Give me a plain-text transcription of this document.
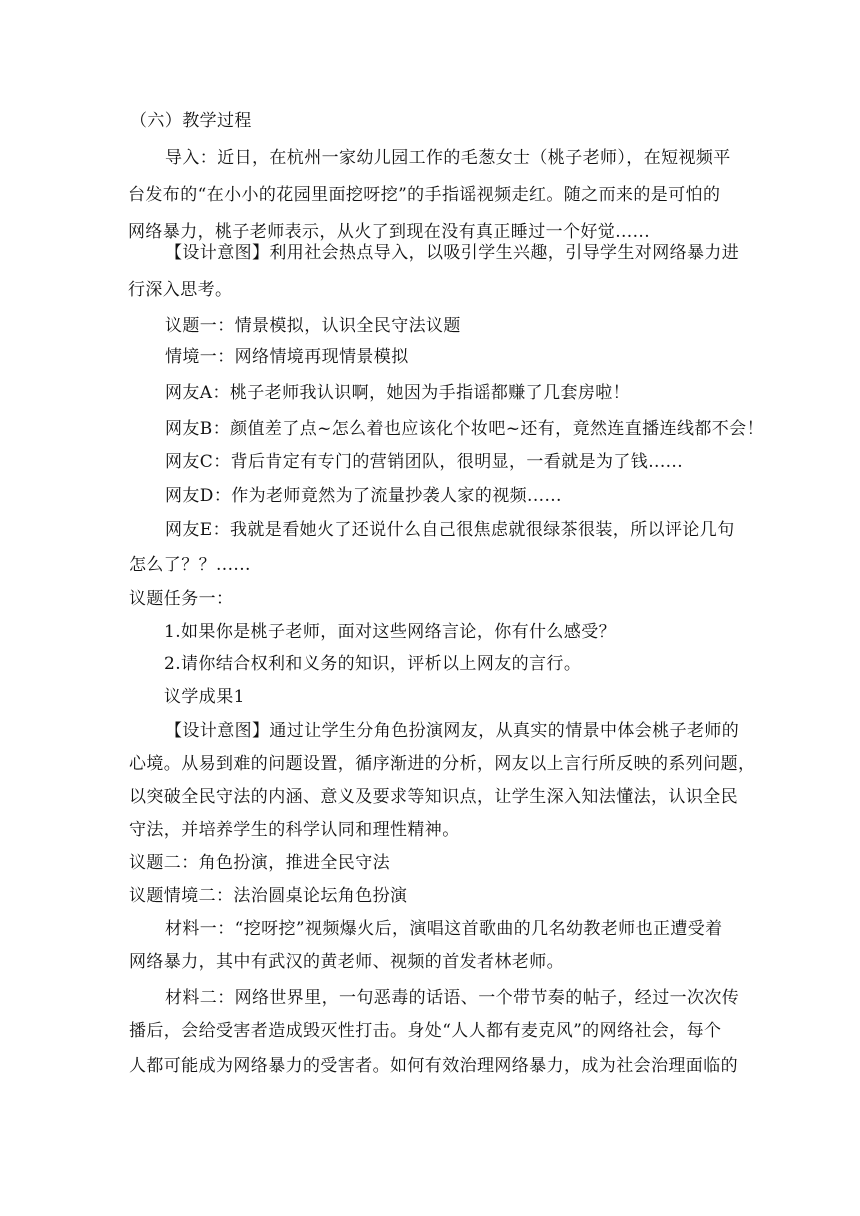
（六）教学过程
导入：近日，在杭州一家幼儿园工作的毛葱女士（桃子老师），在短视频平
台发布的“在小小的花园里面挖呀挖”的手指谣视频走红。随之而来的是可怕的
网络暴力，桃子老师表示，从火了到现在没有真正睡过一个好觉......
【设计意图】利用社会热点导入，以吸引学生兴趣，引导学生对网络暴力进
行深入思考。
议题一：情景模拟，认识全民守法议题
情境一：网络情境再现情景模拟
网友A：桃子老师我认识啊，她因为手指谣都赚了几套房啦！
网友B：颜值差了点~怎么着也应该化个妆吧~还有，竟然连直播连线都不会！
网友C：背后肯定有专门的营销团队，很明显，一看就是为了钱......
网友D：作为老师竟然为了流量抄袭人家的视频......
网友E：我就是看她火了还说什么自己很焦虑就很绿茶很装，所以评论几句
怎么了？？......
议题任务一：
1.如果你是桃子老师，面对这些网络言论，你有什么感受？
2.请你结合权利和义务的知识，评析以上网友的言行。
议学成果1
【设计意图】通过让学生分角色扮演网友，从真实的情景中体会桃子老师的
心境。从易到难的问题设置，循序渐进的分析，网友以上言行所反映的系列问题，
以突破全民守法的内涵、意义及要求等知识点，让学生深入知法懂法，认识全民
守法，并培养学生的科学认同和理性精神。
议题二：角色扮演，推进全民守法
议题情境二：法治圆桌论坛角色扮演
材料一：“挖呀挖”视频爆火后，演唱这首歌曲的几名幼教老师也正遭受着
网络暴力，其中有武汉的黄老师、视频的首发者林老师。
材料二：网络世界里，一句恶毒的话语、一个带节奏的帖子，经过一次次传
播后，会给受害者造成毁灭性打击。身处“人人都有麦克风”的网络社会，每个
人都可能成为网络暴力的受害者。如何有效治理网络暴力，成为社会治理面临的
